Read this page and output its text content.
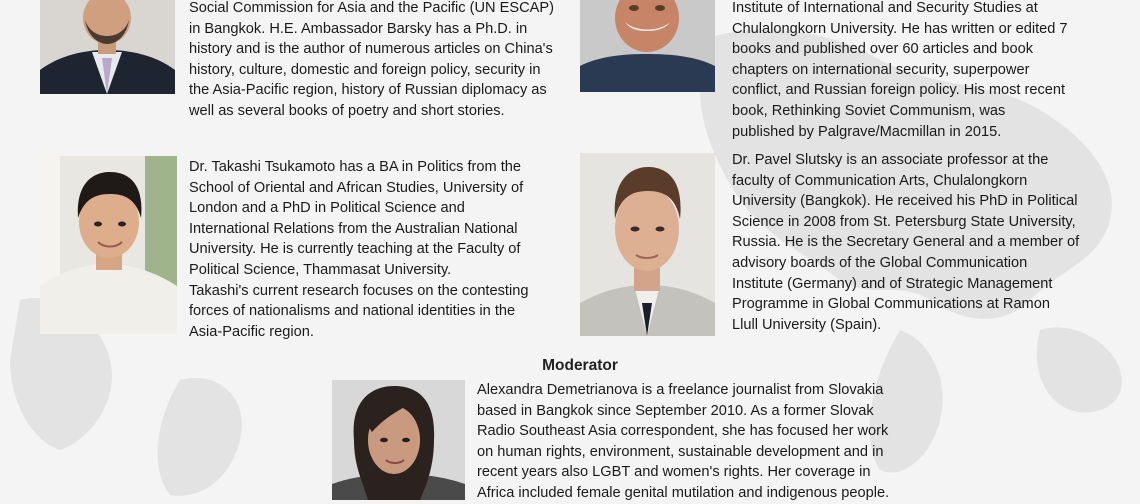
Social Commission for Asia and the Pacific (UN ESCAP)
in Bangkok. H.E. Ambassador Barsky has a Ph.D. in
history and is the author of numerous articles on China's
history, culture, domestic and foreign policy, security in
the Asia-Pacific region, history of Russian diplomacy as
well as several books of poetry and short stories.

Institute of International and Security Studies at
Chulalongkorn University. He has written or edited 7
books and published over 60 articles and book
chapters on international security, superpower
conflict, and Russian foreign policy. His most recent
book, Rethinking Soviet Communism, was
published by Palgrave/Macmillan in 2015.

Dr. Takashi Tsukamoto has a BA in Politics from the
School of Oriental and African Studies, University of
London and a PhD in Political Science and
International Relations from the Australian National
University. He is currently teaching at the Faculty of
Political Science, Thammasat University.
Takashi's current research focuses on the contesting
forces of nationalisms and national identities in the
Asia-Pacific region.

Dr. Pavel Slutsky is an associate professor at the
faculty of Communication Arts, Chulalongkorn
University (Bangkok). He received his PhD in Political
Science in 2008 from St. Petersburg State University,
Russia. He is the Secretary General and a member of
advisory boards of the Global Communication
Institute (Germany) and of Strategic Management
Programme in Global Communications at Ramon
Llull University (Spain).

Moderator

Alexandra Demetrianova is a freelance journalist from Slovakia
based in Bangkok since September 2010. As a former Slovak
Radio Southeast Asia correspondent, she has focused her work
on human rights, environment, sustainable development and in
recent years also LGBT and women's rights. Her coverage in
Africa included female genital mutilation and indigenous people.
